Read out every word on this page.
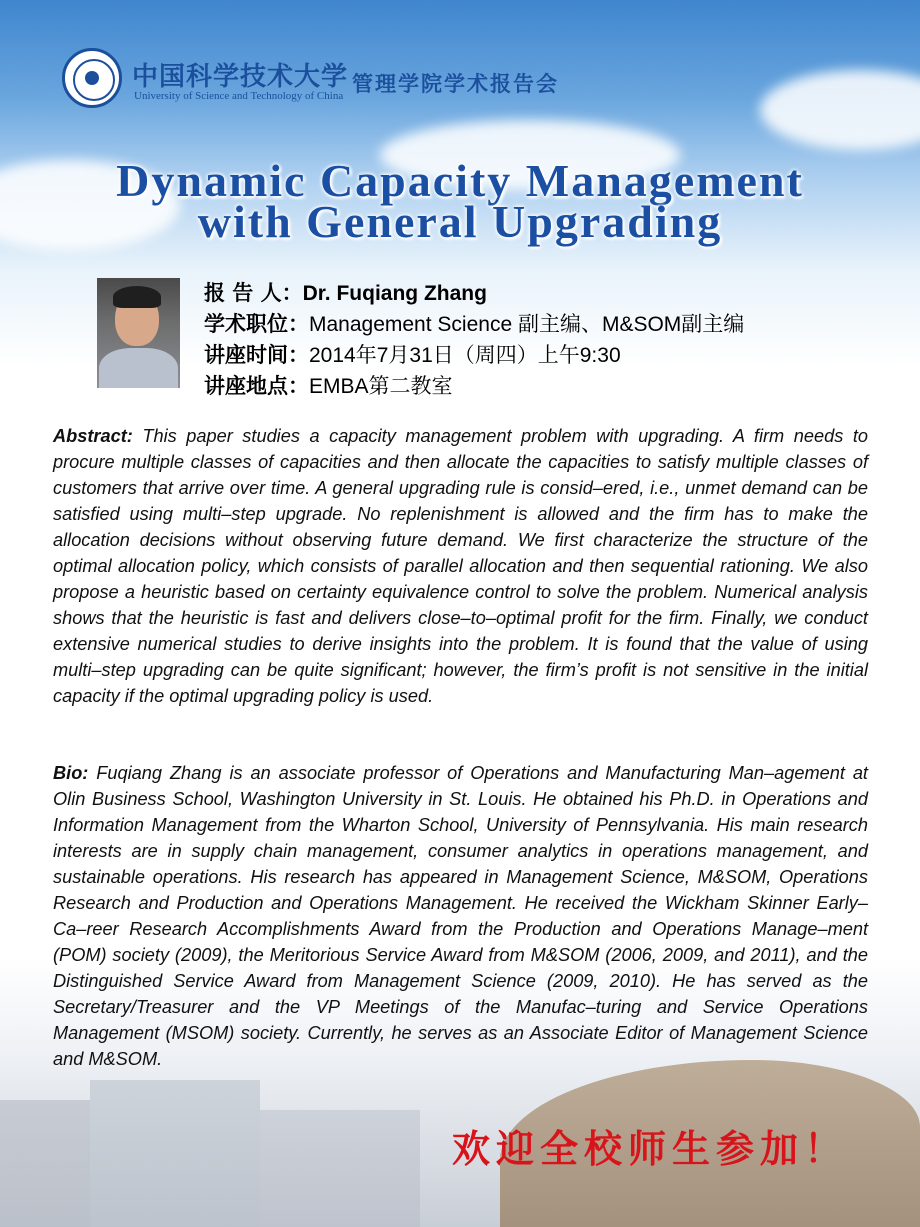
中国科学技术大学
University of Science and Technology of China 管理学院学术报告会
Dynamic Capacity Management
with General Upgrading
报 告 人：Dr. Fuqiang Zhang
学术职位：Management Science 副主编、M&SOM副主编
讲座时间：2014年7月31日（周四）上午9:30
讲座地点：EMBA第二教室
Abstract: This paper studies a capacity management problem with upgrading. A firm needs to procure multiple classes of capacities and then allocate the capacities to satisfy multiple classes of customers that arrive over time. A general upgrading rule is consid–ered, i.e., unmet demand can be satisfied using multi–step upgrade. No replenishment is allowed and the firm has to make the allocation decisions without observing future demand. We first characterize the structure of the optimal allocation policy, which consists of parallel allocation and then sequential rationing. We also propose a heuristic based on certainty equivalence control to solve the problem. Numerical analysis shows that the heuristic is fast and delivers close–to–optimal profit for the firm. Finally, we conduct extensive numerical studies to derive insights into the problem. It is found that the value of using multi–step upgrading can be quite significant; however, the firm’s profit is not sensitive in the initial capacity if the optimal upgrading policy is used.
Bio: Fuqiang Zhang is an associate professor of Operations and Manufacturing Man–agement at Olin Business School, Washington University in St. Louis. He obtained his Ph.D. in Operations and Information Management from the Wharton School, University of Pennsylvania. His main research interests are in supply chain management, consumer analytics in operations management, and sustainable operations. His research has appeared in Management Science, M&SOM, Operations Research and Production and Operations Management. He received the Wickham Skinner Early–Ca–reer Research Accomplishments Award from the Production and Operations Manage–ment (POM) society (2009), the Meritorious Service Award from M&SOM (2006, 2009, and 2011), and the Distinguished Service Award from Management Science (2009, 2010). He has served as the Secretary/Treasurer and the VP Meetings of the Manufac–turing and Service Operations Management (MSOM) society. Currently, he serves as an Associate Editor of Management Science and M&SOM.
欢迎全校师生参加！
